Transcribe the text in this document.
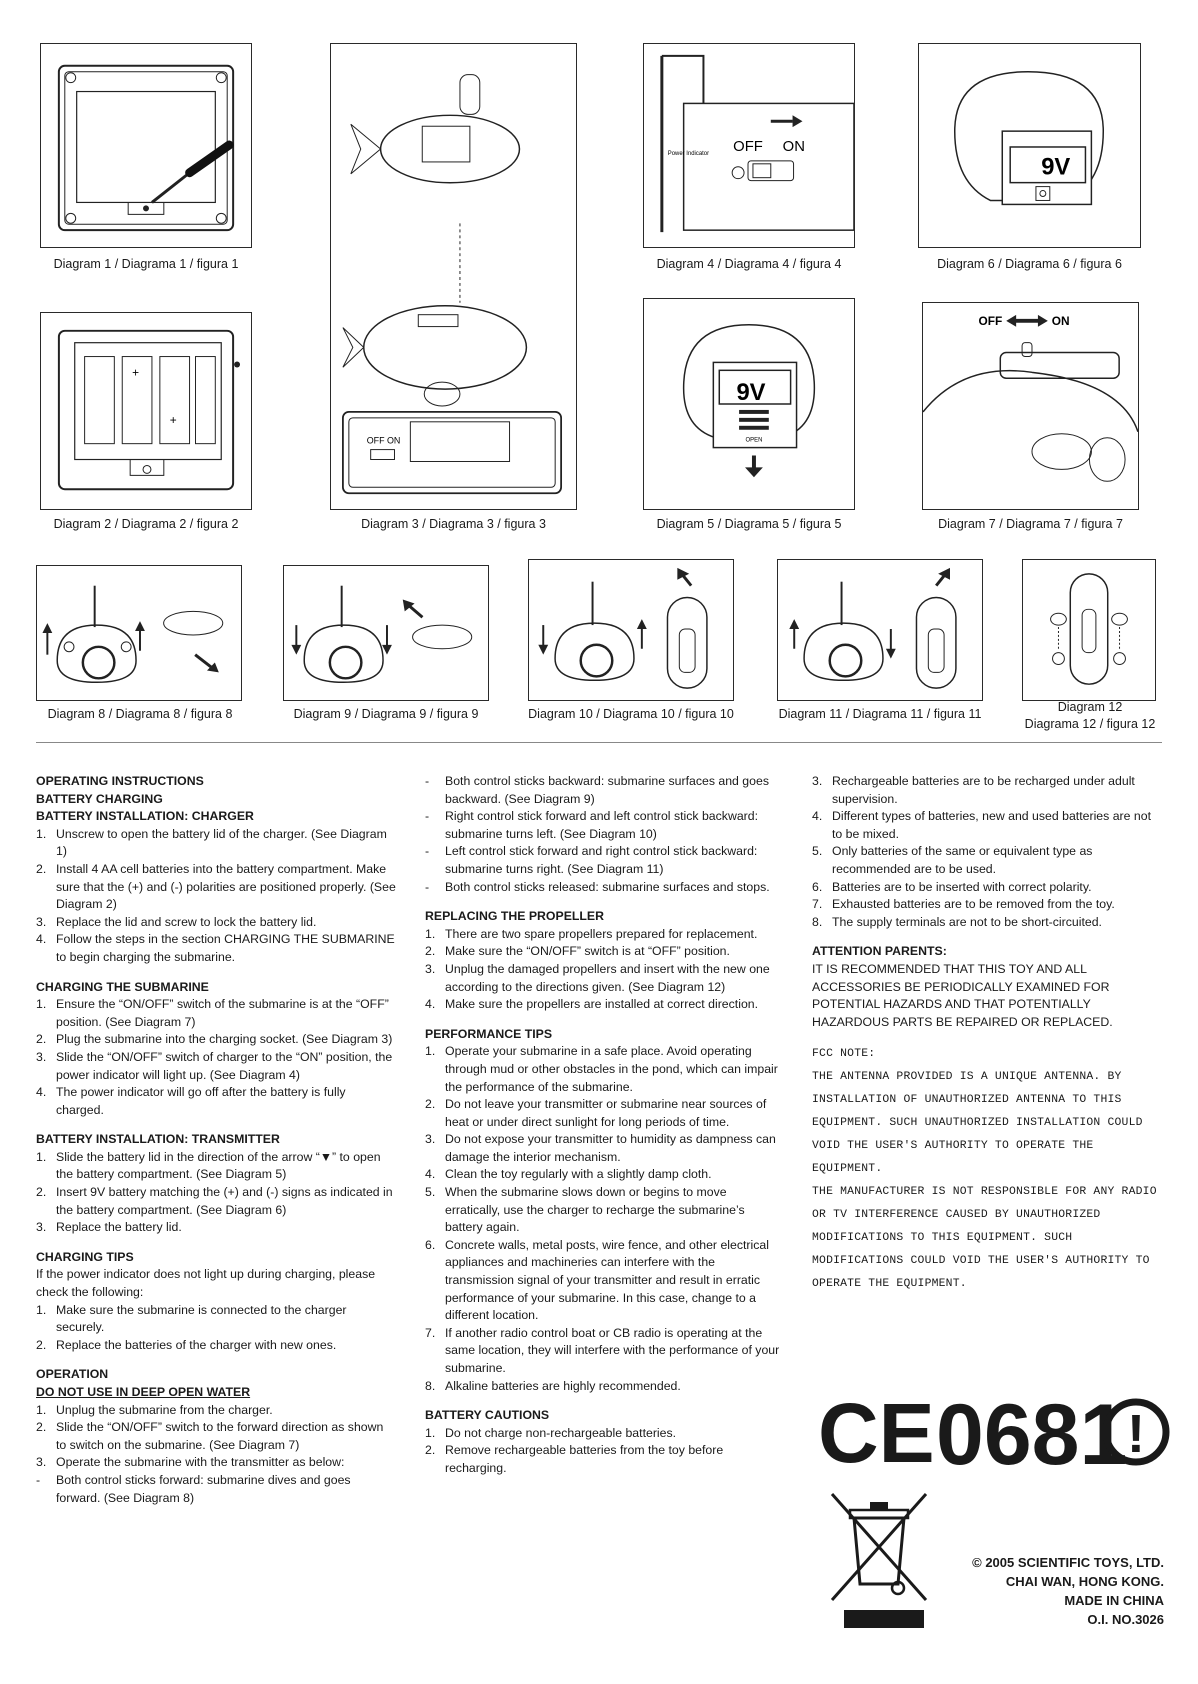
Diagram 1 / Diagrama 1 / figura 1
+
+
Diagram 2 / Diagrama 2 / figura 2
OFF ON
Diagram 3 / Diagrama 3 / figura 3
OFF ON
Power Indicator
Diagram 4 / Diagrama 4 / figura 4
9V
OPEN
Diagram 5 / Diagrama 5 / figura 5
9V
Diagram 6 / Diagrama 6 / figura 6
OFF	ON
Diagram 7 / Diagrama 7 / figura 7
Diagram 8 / Diagrama 8 / figura 8	Diagram 9 / Diagrama 9 / figura 9	Diagram 10 / Diagrama 10 / figura 10	Diagram 11 / Diagrama 11 / figura 11	Diagram 12
Diagrama 12 / figura 12
OPERATING INSTRUCTIONS
BATTERY CHARGING
BATTERY INSTALLATION: CHARGER
1. Unscrew to open the battery lid of the charger. (See Diagram 1)
2. Install 4 AA cell batteries into the battery compartment. Make sure that the (+) and (-) polarities are positioned properly. (See Diagram 2)
3. Replace the lid and screw to lock the battery lid.
4. Follow the steps in the section CHARGING THE SUBMARINE to begin charging the submarine.
CHARGING THE SUBMARINE
1. Ensure the “ON/OFF” switch of the submarine is at the “OFF” position. (See Diagram 7)
2. Plug the submarine into the charging socket. (See Diagram 3)
3. Slide the “ON/OFF” switch of charger to the “ON” position, the power indicator will light up. (See Diagram 4)
4. The power indicator will go off after the battery is fully charged.
BATTERY INSTALLATION: TRANSMITTER
1. Slide the battery lid in the direction of the arrow “▼” to open the battery compartment. (See Diagram 5)
2. Insert 9V battery matching the (+) and (-) signs as indicated in the battery compartment. (See Diagram 6)
3. Replace the battery lid.
CHARGING TIPS

If the power indicator does not light up during charging, please check the following:

1. Make sure the submarine is connected to the charger securely.
2. Replace the batteries of the charger with new ones.
OPERATION
DO NOT USE IN DEEP OPEN WATER
1. Unplug the submarine from the charger.
2. Slide the “ON/OFF” switch to the forward direction as shown to switch on the submarine. (See Diagram 7)
3. Operate the submarine with the transmitter as below:
- Both control sticks forward: submarine dives and goes forward. (See Diagram 8)
- Both control sticks backward: submarine surfaces and goes backward. (See Diagram 9)
- Right control stick forward and left control stick backward: submarine turns left. (See Diagram 10)
- Left control stick forward and right control stick backward: submarine turns right. (See Diagram 11)
- Both control sticks released: submarine surfaces and stops.
REPLACING THE PROPELLER
1. There are two spare propellers prepared for replacement.
2. Make sure the “ON/OFF” switch is at “OFF” position.
3. Unplug the damaged propellers and insert with the new one according to the directions given. (See Diagram 12)
4. Make sure the propellers are installed at correct direction.
PERFORMANCE TIPS
1. Operate your submarine in a safe place. Avoid operating through mud or other obstacles in the pond, which can impair the performance of the submarine.
2. Do not leave your transmitter or submarine near sources of heat or under direct sunlight for long periods of time.
3. Do not expose your transmitter to humidity as dampness can damage the interior mechanism.
4. Clean the toy regularly with a slightly damp cloth.
5. When the submarine slows down or begins to move erratically, use the charger to recharge the submarine’s battery again.
6. Concrete walls, metal posts, wire fence, and other electrical appliances and machineries can interfere with the transmission signal of your transmitter and result in erratic performance of your submarine. In this case, change to a different location.
7. If another radio control boat or CB radio is operating at the same location, they will interfere with the performance of your submarine.
8. Alkaline batteries are highly recommended.
BATTERY CAUTIONS
1. Do not charge non-rechargeable batteries.
2. Remove rechargeable batteries from the toy before recharging.
3. Rechargeable batteries are to be recharged under adult supervision.
4. Different types of batteries, new and used batteries are not to be mixed.
5. Only batteries of the same or equivalent type as recommended are to be used.
6. Batteries are to be inserted with correct polarity.
7. Exhausted batteries are to be removed from the toy.
8. The supply terminals are not to be short-circuited.
ATTENTION PARENTS:

IT IS RECOMMENDED THAT THIS TOY AND ALL ACCESSORIES BE PERIODICALLY EXAMINED FOR POTENTIAL HAZARDS AND THAT POTENTIALLY HAZARDOUS PARTS BE REPAIRED OR REPLACED.

FCC NOTE:
THE ANTENNA PROVIDED IS A UNIQUE ANTENNA. BY INSTALLATION OF UNAUTHORIZED ANTENNA TO THIS EQUIPMENT. SUCH UNAUTHORIZED INSTALLATION COULD VOID THE USER'S AUTHORITY TO OPERATE THE EQUIPMENT.
THE MANUFACTURER IS NOT RESPONSIBLE FOR ANY RADIO OR TV INTERFERENCE CAUSED BY UNAUTHORIZED MODIFICATIONS TO THIS EQUIPMENT. SUCH MODIFICATIONS COULD VOID THE USER'S AUTHORITY TO OPERATE THE EQUIPMENT.
CE 0681 !
© 2005 SCIENTIFIC TOYS, LTD.
CHAI WAN, HONG KONG.
MADE IN CHINA
O.I. NO.3026
